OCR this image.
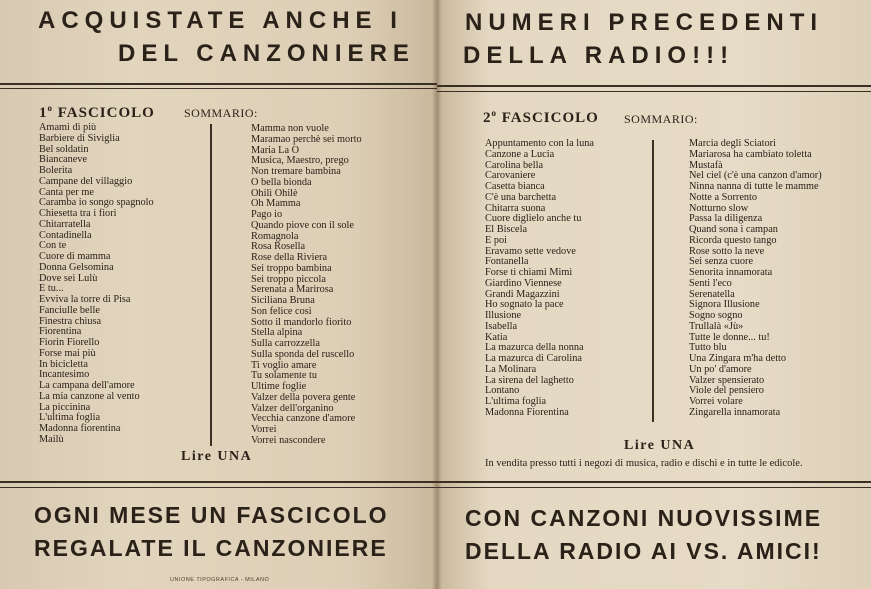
ACQUISTATE ANCHE I
DEL CANZONIERE
1$^o$ FASCICOLO SOMMARIO:
Amami di più
Barbiere di Siviglia
Bel soldatin
Biancaneve
Bolerita
Campane del villaggio
Canta per me
Caramba io songo spagnolo
Chiesetta tra i fiori
Chitarratella
Contadinella
Con te
Cuore di mamma
Donna Gelsomina
Dove sei Lulù
E tu...
Evviva la torre di Pisa
Fanciulle belle
Finestra chiusa
Fiorentina
Fiorin Fiorello
Forse mai più
In bicicletta
Incantesimo
La campana dell'amore
La mia canzone al vento
La piccinina
L'ultima foglia
Madonna fiorentina
Mailù
Mamma non vuole
Maramao perchè sei morto
Maria La O
Musica, Maestro, prego
Non tremare bambina
O bella bionda
Ohilì Ohilè
Oh Mamma
Pago io
Quando piove con il sole
Romagnola
Rosa Rosella
Rose della Riviera
Sei troppo bambina
Sei troppo piccola
Serenata a Marirosa
Siciliana Bruna
Son felice così
Sotto il mandorlo fiorito
Stella alpina
Sulla carrozzella
Sulla sponda del ruscello
Ti voglio amare
Tu solamente tu
Ultime foglie
Valzer della povera gente
Valzer dell'organino
Vecchia canzone d'amore
Vorrei
Vorrei nascondere
Lire UNA
OGNI MESE UN FASCICOLO
REGALATE IL CANZONIERE
UNIONE TIPOGRAFICA - MILANO
NUMERI PRECEDENTI
DELLA RADIO!!!
2$^o$ FASCICOLO SOMMARIO:
Appuntamento con la luna
Canzone a Lucia
Carolina bella
Carovaniere
Casetta bianca
C'è una barchetta
Chitarra suona
Cuore diglielo anche tu
El Biscela
E poi
Eravamo sette vedove
Fontanella
Forse ti chiami Mimì
Giardino Viennese
Grandi Magazzini
Ho sognato la pace
Illusione
Isabella
Katia
La mazurca della nonna
La mazurca di Carolina
La Molinara
La sirena del laghetto
Lontano
L'ultima foglia
Madonna Fiorentina
Marcia degli Sciatori
Mariarosa ha cambiato toletta
Mustafà
Nel ciel (c'è una canzon d'amor)
Ninna nanna di tutte le mamme
Notte a Sorrento
Notturno slow
Passa la diligenza
Quand sona i campan
Ricorda questo tango
Rose sotto la neve
Sei senza cuore
Senorita innamorata
Senti l'eco
Serenatella
Signora Illusione
Sogno sogno
Trullalà «Jù»
Tutte le donne... tu!
Tutto blu
Una Zingara m'ha detto
Un po' d'amore
Valzer spensierato
Viole del pensiero
Vorrei volare
Zingarella innamorata
Lire UNA
In vendita presso tutti i negozi di musica, radio e dischi e in tutte le edicole.
CON CANZONI NUOVISSIME
DELLA RADIO AI VS. AMICI!
